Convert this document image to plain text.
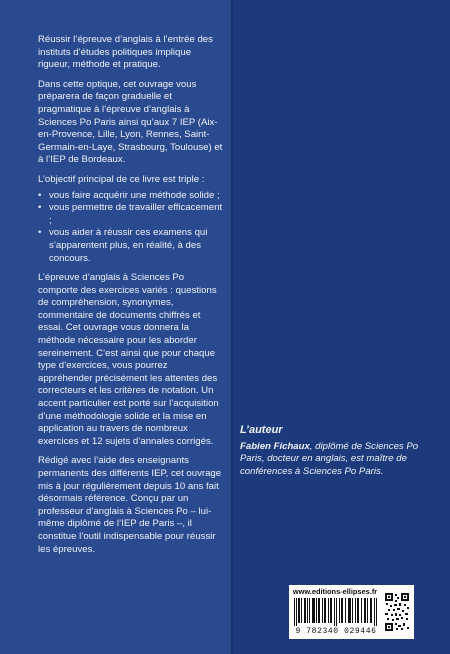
Réussir l’épreuve d’anglais à l’entrée des instituts d’études politiques implique rigueur, méthode et pratique.

Dans cette optique, cet ouvrage vous préparera de façon graduelle et pragmatique à l’épreuve d’anglais à Sciences Po Paris ainsi qu’aux 7 IEP (Aix-en-Provence, Lille, Lyon, Rennes, Saint-Germain-en-Laye, Strasbourg, Toulouse) et à l’IEP de Bordeaux.

L’objectif principal de ce livre est triple :

• vous faire acquérir une méthode solide ;
• vous permettre de travailler efficacement ;
• vous aider à réussir ces examens qui s’apparentent plus, en réalité, à des concours.

L’épreuve d’anglais à Sciences Po comporte des exercices variés : questions de compréhension, synonymes, commentaire de documents chiffrés et essai. Cet ouvrage vous donnera la méthode nécessaire pour les aborder sereinement. C’est ainsi que pour chaque type d’exercices, vous pourrez appréhender précisément les attentes des correcteurs et les critères de notation. Un accent particulier est porté sur l’acquisition d’une méthodologie solide et la mise en application au travers de nombreux exercices et 12 sujets d’annales corrigés.

Rédigé avec l’aide des enseignants permanents des différents IEP, cet ouvrage mis à jour régulièrement depuis 10 ans fait désormais référence. Conçu par un professeur d’anglais à Sciences Po – lui-même diplômé de l’IEP de Paris –, il constitue l’outil indispensable pour réussir les épreuves.

L’auteur
Fabien Fichaux, diplômé de Sciences Po Paris, docteur en anglais, est maître de conférences à Sciences Po Paris.
www.editions-ellipses.fr
9 782340 029446
